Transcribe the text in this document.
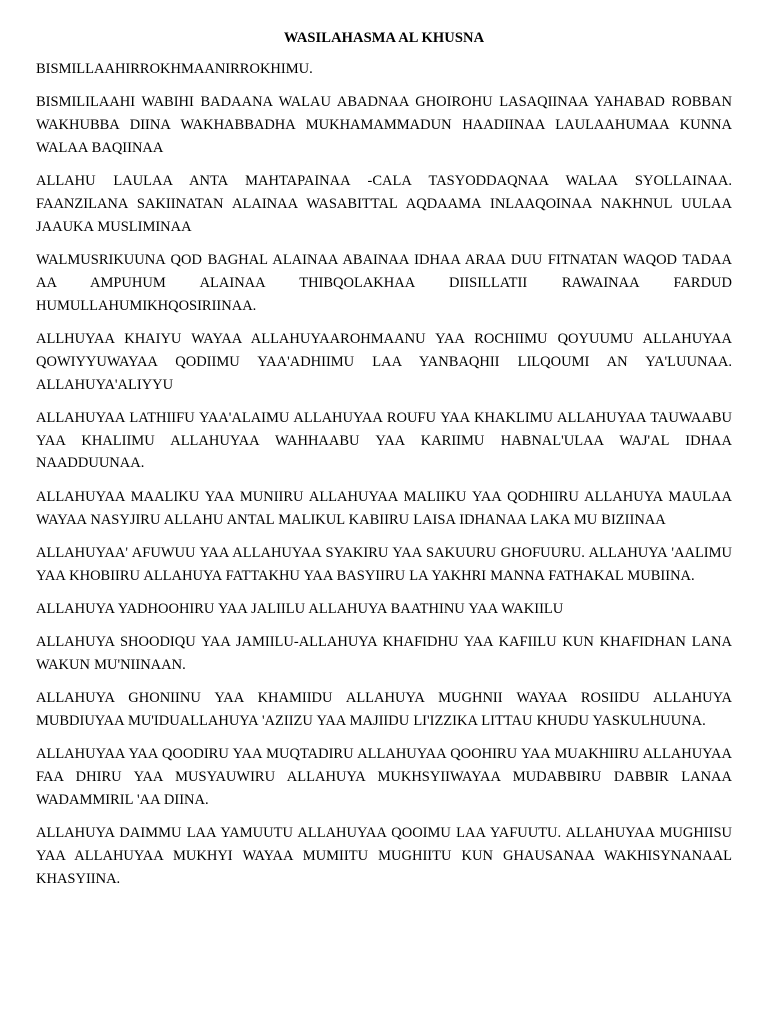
WASILAHASMA AL KHUSNA

BISMILLAAHIRROKHMAANIRROKHIMU.

BISMILILAAHI WABIHI BADAANA WALAU ABADNAA GHOIROHU LASAQIINAA YAHABAD ROBBAN WAKHUBBA DIINA WAKHABBADHA MUKHAMAMMADUN HAADIINAA LAULAAHUMAA KUNNA WALAA BAQIINAA

ALLAHU LAULAA ANTA MAHTAPAINAA -CALA TASYODDAQNAA WALAA SYOLLAINAA. FAANZILANA SAKIINATAN ALAINAA WASABITTAL AQDAAMA INLAAQOINAA NAKHNUL UULAA JAAUKA MUSLIMINAA

WALMUSRIKUUNA QOD BAGHAL ALAINAA ABAINAA IDHAA ARAA DUU FITNATAN WAQOD TADAA AA AMPUHUM ALAINAA THIBQOLAKHAA DIISILLATII RAWAINAA FARDUD HUMULLAHUMIKHQOSIRIINAA.

ALLHUYAA KHAIYU WAYAA ALLAHUYAAROHMAANU YAA ROCHIIMU QOYUUMU ALLAHUYAA QOWIYYUWAYAA QODIIMU YAA'ADHIIMU LAA YANBAQHII LILQOUMI AN YA'LUUNAA. ALLAHUYA'ALIYYU

ALLAHUYAA LATHIIFU YAA'ALAIMU ALLAHUYAA ROUFU YAA KHAKLIMU ALLAHUYAA TAUWAABU YAA KHALIIMU ALLAHUYAA WAHHAABU YAA KARIIMU HABNAL'ULAA WAJ'AL IDHAA NAADDUUNAA.

ALLAHUYAA MAALIKU YAA MUNIIRU ALLAHUYAA MALIIKU YAA QODHIIRU ALLAHUYA MAULAA WAYAA NASYJIRU ALLAHU ANTAL MALIKUL KABIIRU LAISA IDHANAA LAKA MU BIZIINAA

ALLAHUYAA' AFUWUU YAA ALLAHUYAA SYAKIRU YAA SAKUURU GHOFUURU. ALLAHUYA 'AALIMU YAA KHOBIIRU ALLAHUYA FATTAKHU YAA BASYIIRU LA YAKHRI MANNA FATHAKAL MUBIINA.

ALLAHUYA YADHOOHIRU YAA JALIILU ALLAHUYA BAATHINU YAA WAKIILU

ALLAHUYA SHOODIQU YAA JAMIILU-ALLAHUYA KHAFIDHU YAA KAFIILU KUN KHAFIDHAN LANA WAKUN MU'NIINAAN.

ALLAHUYA GHONIINU YAA KHAMIIDU ALLAHUYA MUGHNII WAYAA ROSIIDU ALLAHUYA MUBDIUYAA MU'IDUALLAHUYA 'AZIIZU YAA MAJIIDU LI'IZZIKA LITTAU KHUDU YASKULHUUNA.

ALLAHUYAA YAA QOODIRU YAA MUQTADIRU ALLAHUYAA QOOHIRU YAA MUAKHIIRU ALLAHUYAA FAA DHIRU YAA MUSYAUWIRU ALLAHUYA MUKHSYIIWAYAA MUDABBIRU DABBIR LANAA WADAMMIRIL 'AA DIINA.

ALLAHUYA DAIMMU LAA YAMUUTU ALLAHUYAA QOOIMU LAA YAFUUTU. ALLAHUYAA MUGHIISU YAA ALLAHUYAA MUKHYI WAYAA MUMIITU MUGHIITU KUN GHAUSANAA WAKHISYNANAAL KHASYIINA.
